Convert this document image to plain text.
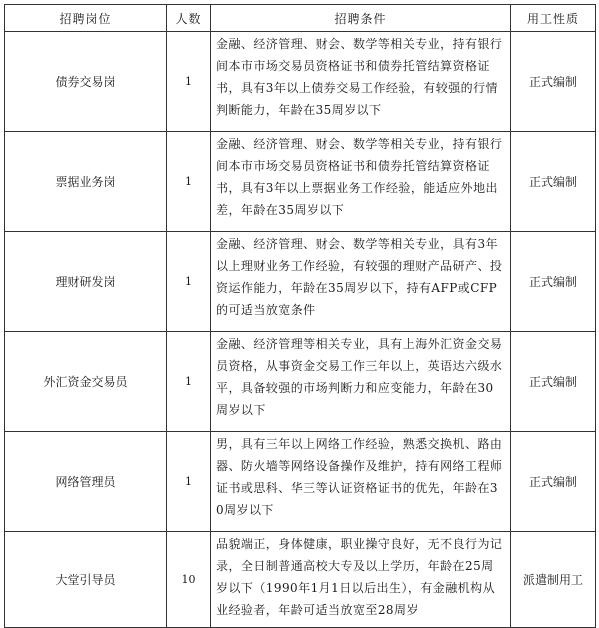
招聘岗位	人数	招聘条件	用工性质
债券交易岗	1	金融、经济管理、财会、数学等相关专业，持有银行间本市市场交易员资格证书和债券托管结算资格证书，具有3年以上债券交易工作经验，有较强的行情判断能力，年龄在35周岁以下	正式编制
票据业务岗	1	金融、经济管理、财会、数学等相关专业，持有银行间本市市场交易员资格证书和债券托管结算资格证书，具有3年以上票据业务工作经验，能适应外地出差，年龄在35周岁以下	正式编制
理财研发岗	1	金融、经济管理、财会、数学等相关专业，具有3年以上理财业务工作经验，有较强的理财产品研产、投资运作能力，年龄在35周岁以下，持有AFP或CFP的可适当放宽条件	正式编制
外汇资金交易员	1	金融、经济管理等相关专业，具有上海外汇资金交易员资格，从事资金交易工作三年以上，英语达六级水平，具备较强的市场判断力和应变能力，年龄在30周岁以下	正式编制
网络管理员	1	男，具有三年以上网络工作经验，熟悉交换机、路由器、防火墙等网络设备操作及维护，持有网络工程师证书或思科、华三等认证资格证书的优先，年龄在30周岁以下	正式编制
大堂引导员	10	品貌端正，身体健康，职业操守良好，无不良行为记录，全日制普通高校大专及以上学历，年龄在25周岁以下（1990年1月1日以后出生），有金融机构从业经验者，年龄可适当放宽至28周岁	派遣制用工
